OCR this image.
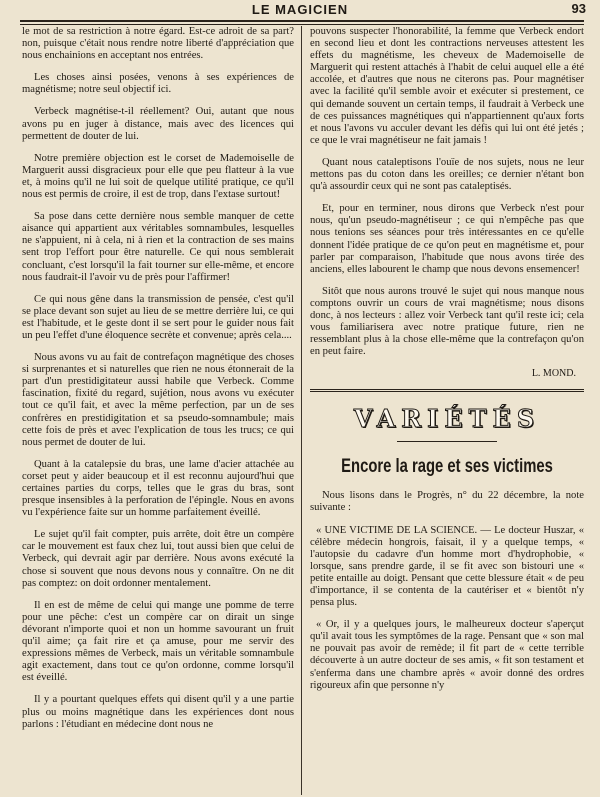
LE MAGICIEN	93

le mot de sa restriction à notre égard. Est-ce adroit de sa part? non, puisque c'était nous rendre notre liberté d'appréciation que nous enchainions en acceptant nos entrées.

Les choses ainsi posées, venons à ses expériences de magnétisme; notre seul objectif ici.

Verbeck magnétise-t-il réellement? Oui, autant que nous avons pu en juger à distance, mais avec des licences qui permettent de douter de lui.

Notre première objection est le corset de Mademoiselle de Marguerit aussi disgracieux pour elle que peu flatteur à la vue et, à moins qu'il ne lui soit de quelque utilité pratique, ce qu'il nous est permis de croire, il est de trop, dans l'extase surtout!

Sa pose dans cette dernière nous semble manquer de cette aisance qui appartient aux véritables somnambules, lesquelles ne s'appuient, ni à cela, ni à rien et la contraction de ses mains sent trop l'effort pour être naturelle. Ce qui nous semblerait concluant, c'est lorsqu'il la fait tourner sur elle-même, et encore nous faudrait-il l'avoir vu de près pour l'affirmer!

Ce qui nous gêne dans la transmission de pensée, c'est qu'il se place devant son sujet au lieu de se mettre derrière lui, ce qui est l'habitude, et le geste dont il se sert pour le guider nous fait un peu l'effet d'une éloquence secrète et convenue; après cela....

Nous avons vu au fait de contrefaçon magnétique des choses si surprenantes et si naturelles que rien ne nous étonnerait de la part d'un prestidigitateur aussi habile que Verbeck. Comme fascination, fixité du regard, sujétion, nous avons vu exécuter tout ce qu'il fait, et avec la même perfection, par un de ses confrères en prestidigitation et sa pseudo-somnambule; mais cette fois de près et avec l'explication de tous les trucs; ce qui nous permet de douter de lui.

Quant à la catalepsie du bras, une lame d'acier attachée au corset peut y aider beaucoup et il est reconnu aujourd'hui que certaines parties du corps, telles que le gras du bras, sont presque insensibles à la perforation de l'épingle. Nous en avons vu l'expérience faite sur un homme parfaitement éveillé.

Le sujet qu'il fait compter, puis arrête, doit être un compère car le mouvement est faux chez lui, tout aussi bien que celui de Verbeck, qui devrait agir par derrière. Nous avons exécuté la chose si souvent que nous devons nous y connaître. On ne dit pas comptez: on doit ordonner mentalement.

Il en est de même de celui qui mange une pomme de terre pour une pêche: c'est un compère car on dirait un singe dévorant n'importe quoi et non un homme savourant un fruit qu'il aime; ça fait rire et ça amuse, pour me servir des expressions mêmes de Verbeck, mais un véritable somnambule agit exactement, dans tout ce qu'on ordonne, comme lorsqu'il est éveillé.

Il y a pourtant quelques effets qui disent qu'il y a une partie plus ou moins magnétique dans les expériences dont nous parlons : l'étudiant en médecine dont nous ne

pouvons suspecter l'honorabilité, la femme que Verbeck endort en second lieu et dont les contractions nerveuses attestent les effets du magnétisme, les cheveux de Mademoiselle de Marguerit qui restent attachés à l'habit de celui auquel elle a été accolée, et d'autres que nous ne citerons pas. Pour magnétiser avec la facilité qu'il semble avoir et exécuter si prestement, ce qui demande souvent un certain temps, il faudrait à Verbeck une de ces puissances magnétiques qui n'appartiennent qu'aux forts et nous l'avons vu acculer devant les défis qui lui ont été jetés ; ce que le vrai magnétiseur ne fait jamais !

Quant nous cataleptisons l'ouïe de nos sujets, nous ne leur mettons pas du coton dans les oreilles; ce dernier n'étant bon qu'à assourdir ceux qui ne sont pas cataleptisés.

Et, pour en terminer, nous dirons que Verbeck n'est pour nous, qu'un pseudo-magnétiseur ; ce qui n'empêche pas que nous tenions ses séances pour très intéressantes en ce qu'elle donnent l'idée pratique de ce qu'on peut en magnétisme et, pour parler par comparaison, l'habitude que nous avons tirée des anciens, elles labourent le champ que nous devons ensemencer!

Sitôt que nous aurons trouvé le sujet qui nous manque nous comptons ouvrir un cours de vrai magnétisme; nous disons donc, à nos lecteurs : allez voir Verbeck tant qu'il reste ici; cela vous familiarisera avec notre pratique future, rien ne ressemblant plus à la chose elle-même que la contrefaçon qu'on en peut faire.

L. MOND.
VARIÉTÉS
Encore la rage et ses victimes

Nous lisons dans le Progrès, n° du 22 décembre, la note suivante :

« UNE VICTIME DE LA SCIENCE. — Le docteur Huszar, « célèbre médecin hongrois, faisait, il y a quelque temps, « l'autopsie du cadavre d'un homme mort d'hydrophobie, « lorsque, sans prendre garde, il se fit avec son bistouri une « petite entaille au doigt. Pensant que cette blessure était « de peu d'importance, il se contenta de la cautériser et « bientôt n'y pensa plus.

« Or, il y a quelques jours, le malheureux docteur s'aperçut qu'il avait tous les symptômes de la rage. Pensant que « son mal ne pouvait pas avoir de remède; il fit part de « cette terrible découverte à un autre docteur de ses amis, « fit son testament et s'enferma dans une chambre après « avoir donné des ordres rigoureux afin que personne n'y
